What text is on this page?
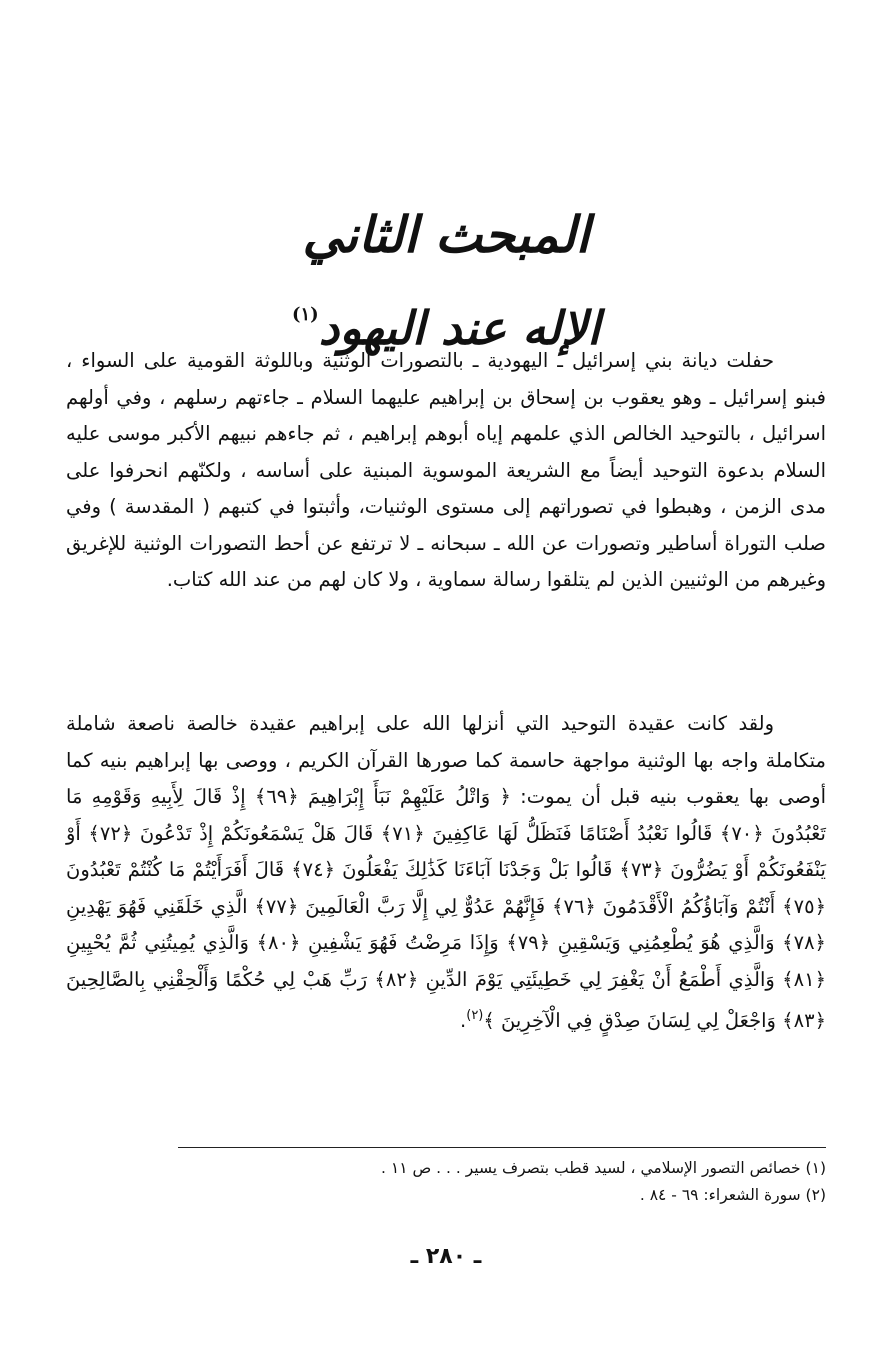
المبحث الثاني
الإله عند اليهود$^{(١)}$

حفلت ديانة بني إسرائيل ـ اليهودية ـ بالتصورات الوثنية وباللوثة القومية على السواء ، فبنو إسرائيل ـ وهو يعقوب بن إسحاق بن إبراهيم عليهما السلام ـ جاءتهم رسلهم ، وفي أولهم اسرائيل ، بالتوحيد الخالص الذي علمهم إياه أبوهم إبراهيم ، ثم جاءهم نبيهم الأكبر موسى عليه السلام بدعوة التوحيد أيضاً مع الشريعة الموسوية المبنية على أساسه ، ولكنّهم انحرفوا على مدى الزمن ، وهبطوا في تصوراتهم إلى مستوى الوثنيات، وأثبتوا في كتبهم ( المقدسة ) وفي صلب التوراة أساطير وتصورات عن الله ـ سبحانه ـ لا ترتفع عن أحط التصورات الوثنية للإغريق وغيرهم من الوثنيين الذين لم يتلقوا رسالة سماوية ، ولا كان لهم من عند الله كتاب.

ولقد كانت عقيدة التوحيد التي أنزلها الله على إبراهيم عقيدة خالصة ناصعة شاملة متكاملة واجه بها الوثنية مواجهة حاسمة كما صورها القرآن الكريم ، ووصى بها إبراهيم بنيه كما أوصى بها يعقوب بنيه قبل أن يموت: ﴿ وَاتْلُ عَلَيْهِمْ نَبَأَ إِبْرَاهِيمَ ﴿٦٩﴾ إِذْ قَالَ لِأَبِيهِ وَقَوْمِهِ مَا تَعْبُدُونَ ﴿٧٠﴾ قَالُوا نَعْبُدُ أَصْنَامًا فَنَظَلُّ لَهَا عَاكِفِينَ ﴿٧١﴾ قَالَ هَلْ يَسْمَعُونَكُمْ إِذْ تَدْعُونَ ﴿٧٢﴾ أَوْ يَنْفَعُونَكُمْ أَوْ يَضُرُّونَ ﴿٧٣﴾ قَالُوا بَلْ وَجَدْنَا آبَاءَنَا كَذَٰلِكَ يَفْعَلُونَ ﴿٧٤﴾ قَالَ أَفَرَأَيْتُمْ مَا كُنْتُمْ تَعْبُدُونَ ﴿٧٥﴾ أَنْتُمْ وَآبَاؤُكُمُ الْأَقْدَمُونَ ﴿٧٦﴾ فَإِنَّهُمْ عَدُوٌّ لِي إِلَّا رَبَّ الْعَالَمِينَ ﴿٧٧﴾ الَّذِي خَلَقَنِي فَهُوَ يَهْدِينِ ﴿٧٨﴾ وَالَّذِي هُوَ يُطْعِمُنِي وَيَسْقِينِ ﴿٧٩﴾ وَإِذَا مَرِضْتُ فَهُوَ يَشْفِينِ ﴿٨٠﴾ وَالَّذِي يُمِيتُنِي ثُمَّ يُحْيِينِ ﴿٨١﴾ وَالَّذِي أَطْمَعُ أَنْ يَغْفِرَ لِي خَطِيئَتِي يَوْمَ الدِّينِ ﴿٨٢﴾ رَبِّ هَبْ لِي حُكْمًا وَأَلْحِقْنِي بِالصَّالِحِينَ ﴿٨٣﴾ وَاجْعَلْ لِي لِسَانَ صِدْقٍ فِي الْآخِرِينَ ﴾$^{(٢)}$.

(١) خصائص التصور الإسلامي ، لسيد قطب بتصرف يسير . . . ص ١١ .
(٢) سورة الشعراء: ٦٩ - ٨٤ .
ـ ٢٨٠ ـ
